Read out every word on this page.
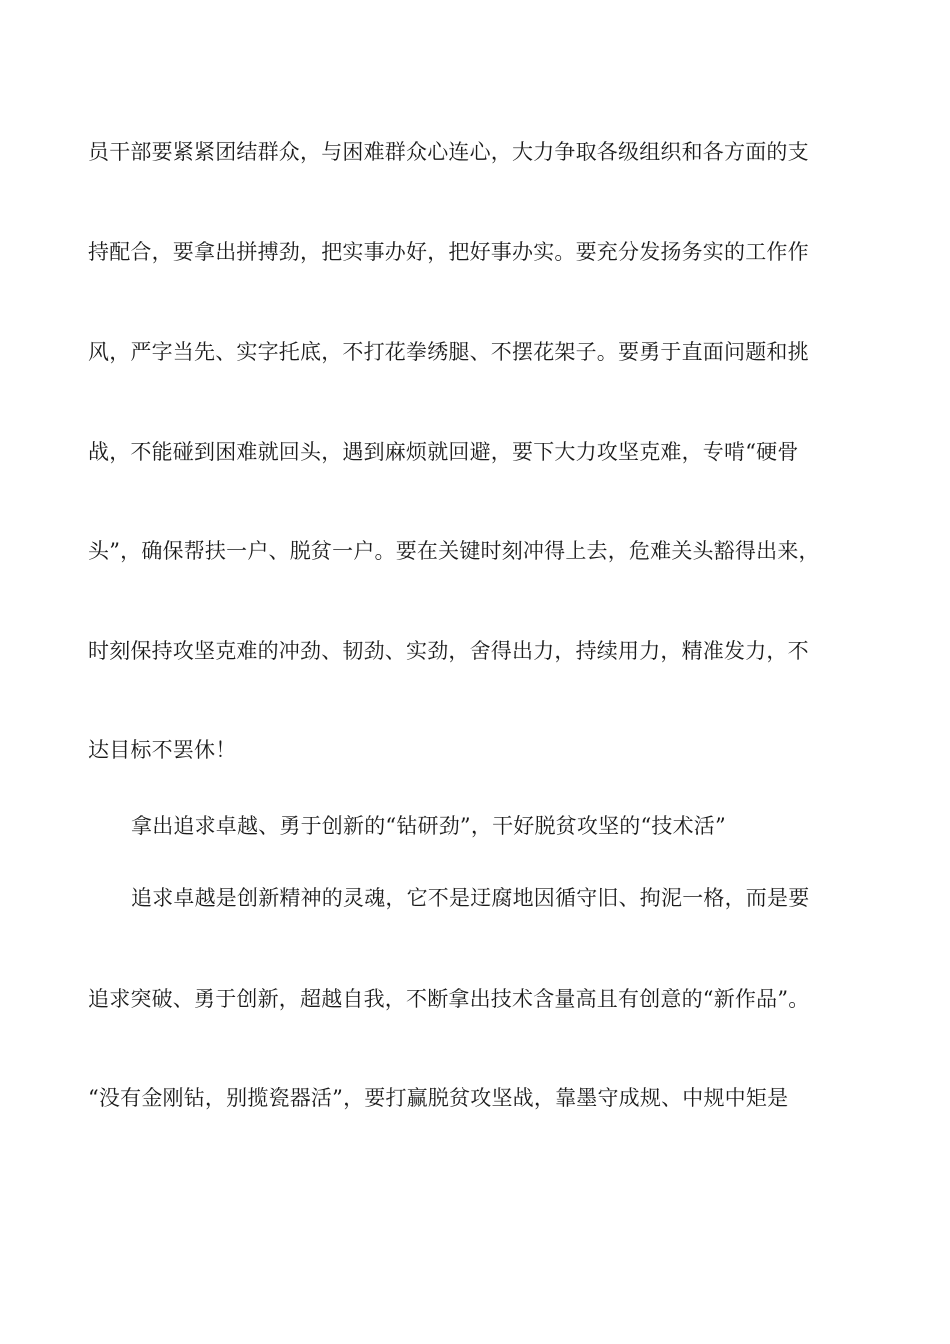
员干部要紧紧团结群众，与困难群众心连心，大力争取各级组织和各方面的支
持配合，要拿出拼搏劲，把实事办好，把好事办实。要充分发扬务实的工作作
风，严字当先、实字托底，不打花拳绣腿、不摆花架子。要勇于直面问题和挑
战，不能碰到困难就回头，遇到麻烦就回避，要下大力攻坚克难，专啃“硬骨
头”，确保帮扶一户、脱贫一户。要在关键时刻冲得上去，危难关头豁得出来，
时刻保持攻坚克难的冲劲、韧劲、实劲，舍得出力，持续用力，精准发力，不
达目标不罢休！
拿出追求卓越、勇于创新的“钻研劲”，干好脱贫攻坚的“技术活”
追求卓越是创新精神的灵魂，它不是迂腐地因循守旧、拘泥一格，而是要
追求突破、勇于创新，超越自我，不断拿出技术含量高且有创意的“新作品”。
“没有金刚钻，别揽瓷器活”，要打赢脱贫攻坚战，靠墨守成规、中规中矩是
